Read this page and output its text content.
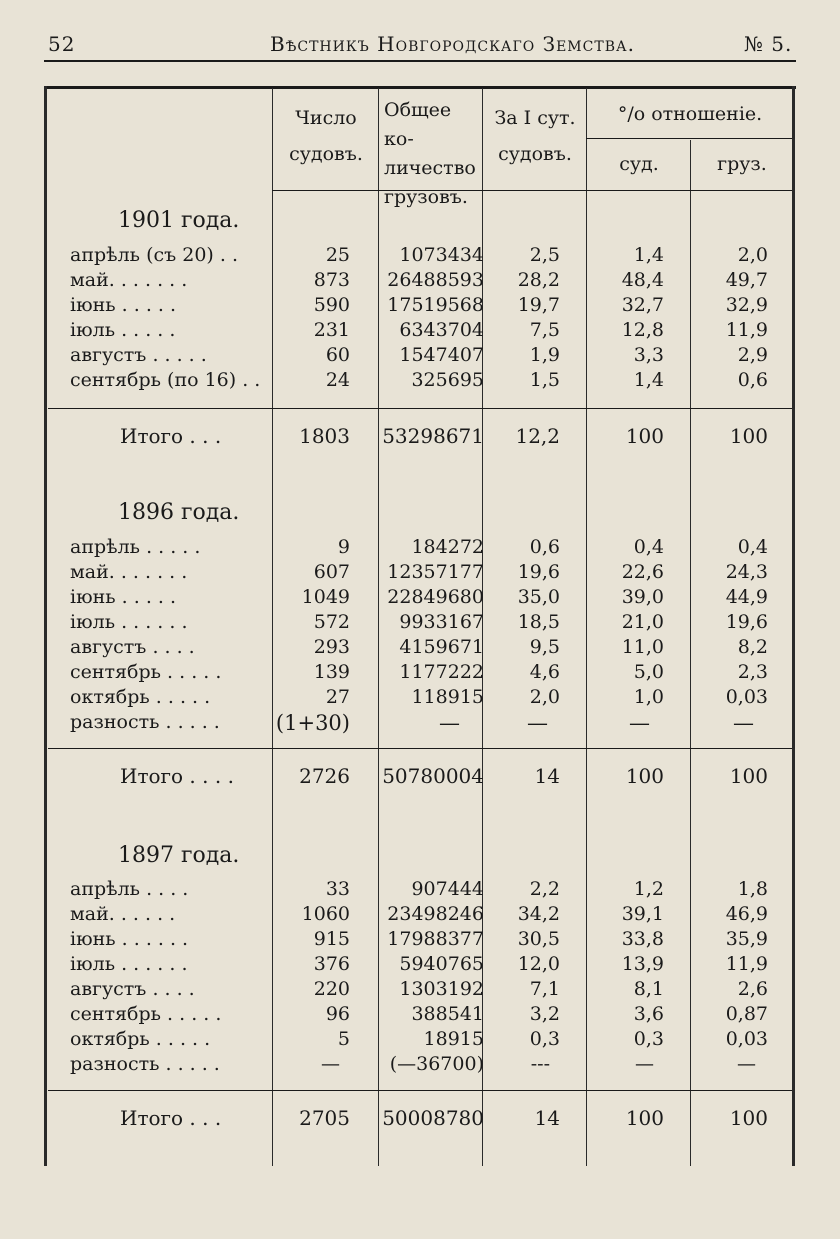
52	Вѣстникъ Новгородскаго Земства.	№ 5.
Число
судовъ.
Общее ко-
личество
грузовъ.
За I сут.
судовъ.
°/о отношеніе.
суд.	груз.
1901 года.
апрѣль (съ 20) . .	25	1073434 2,5	1,4	2,0
май. . . . . . .	873 26488593 28,2	48,4	49,7
іюнь . . . . .	590 17519568 19,7	32,7	32,9
іюль . . . . .	231	6343704 7,5	12,8	11,9
августъ . . . . .	60	1547407 1,9	3,3	2,9
сентябрь (по 16) . .	24	325695 1,5	1,4	0,6
Итого . . .	1803 53298671 12,2	100	100
1896 года.
апрѣль . . . . .	9	184272 0,6	0,4	0,4
май. . . . . . .	607 12357177 19,6	22,6	24,3
іюнь . . . . .	1049 22849680 35,0	39,0	44,9
іюль . . . . . .	572	9933167 18,5	21,0	19,6
августъ . . . .	293	4159671 9,5	11,0	8,2
сентябрь . . . . .	139	1177222 4,6	5,0	2,3
октябрь . . . . .	27	118915 2,0	1,0	0,03
разность . . . . .	(1+30)	—	—	—	—
Итого . . . .	2726 50780004	14	100	100
1897 года.
апрѣль . . . .	33	907444 2,2	1,2	1,8
май. . . . . .	1060 23498246 34,2	39,1	46,9
іюнь . . . . . .	915 17988377 30,5	33,8	35,9
іюль . . . . . .	376	5940765 12,0	13,9	11,9
августъ . . . .	220	1303192 7,1	8,1	2,6
сентябрь . . . . .	96	388541 3,2	3,6	0,87
октябрь . . . . .	5	18915 0,3	0,3	0,03
разность . . . . .	—	(—36700) ---	—	—
Итого . . .	2705 50008780	14	100	100
